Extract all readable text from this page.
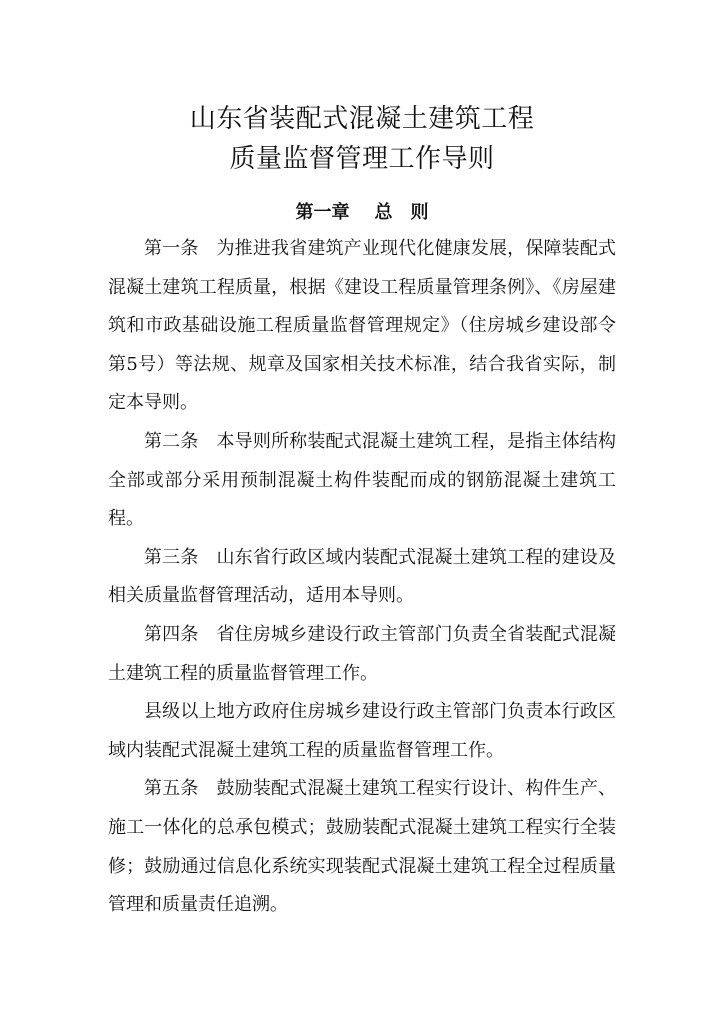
山东省装配式混凝土建筑工程
质量监督管理工作导则
第一章 总　则

第一条 为推进我省建筑产业现代化健康发展，保障装配式混凝土建筑工程质量，根据《建设工程质量管理条例》、《房屋建筑和市政基础设施工程质量监督管理规定》（住房城乡建设部令第5号）等法规、规章及国家相关技术标准，结合我省实际，制定本导则。

第二条 本导则所称装配式混凝土建筑工程，是指主体结构全部或部分采用预制混凝土构件装配而成的钢筋混凝土建筑工程。

第三条 山东省行政区域内装配式混凝土建筑工程的建设及相关质量监督管理活动，适用本导则。

第四条 省住房城乡建设行政主管部门负责全省装配式混凝土建筑工程的质量监督管理工作。

县级以上地方政府住房城乡建设行政主管部门负责本行政区域内装配式混凝土建筑工程的质量监督管理工作。

第五条 鼓励装配式混凝土建筑工程实行设计、构件生产、施工一体化的总承包模式；鼓励装配式混凝土建筑工程实行全装修；鼓励通过信息化系统实现装配式混凝土建筑工程全过程质量管理和质量责任追溯。
